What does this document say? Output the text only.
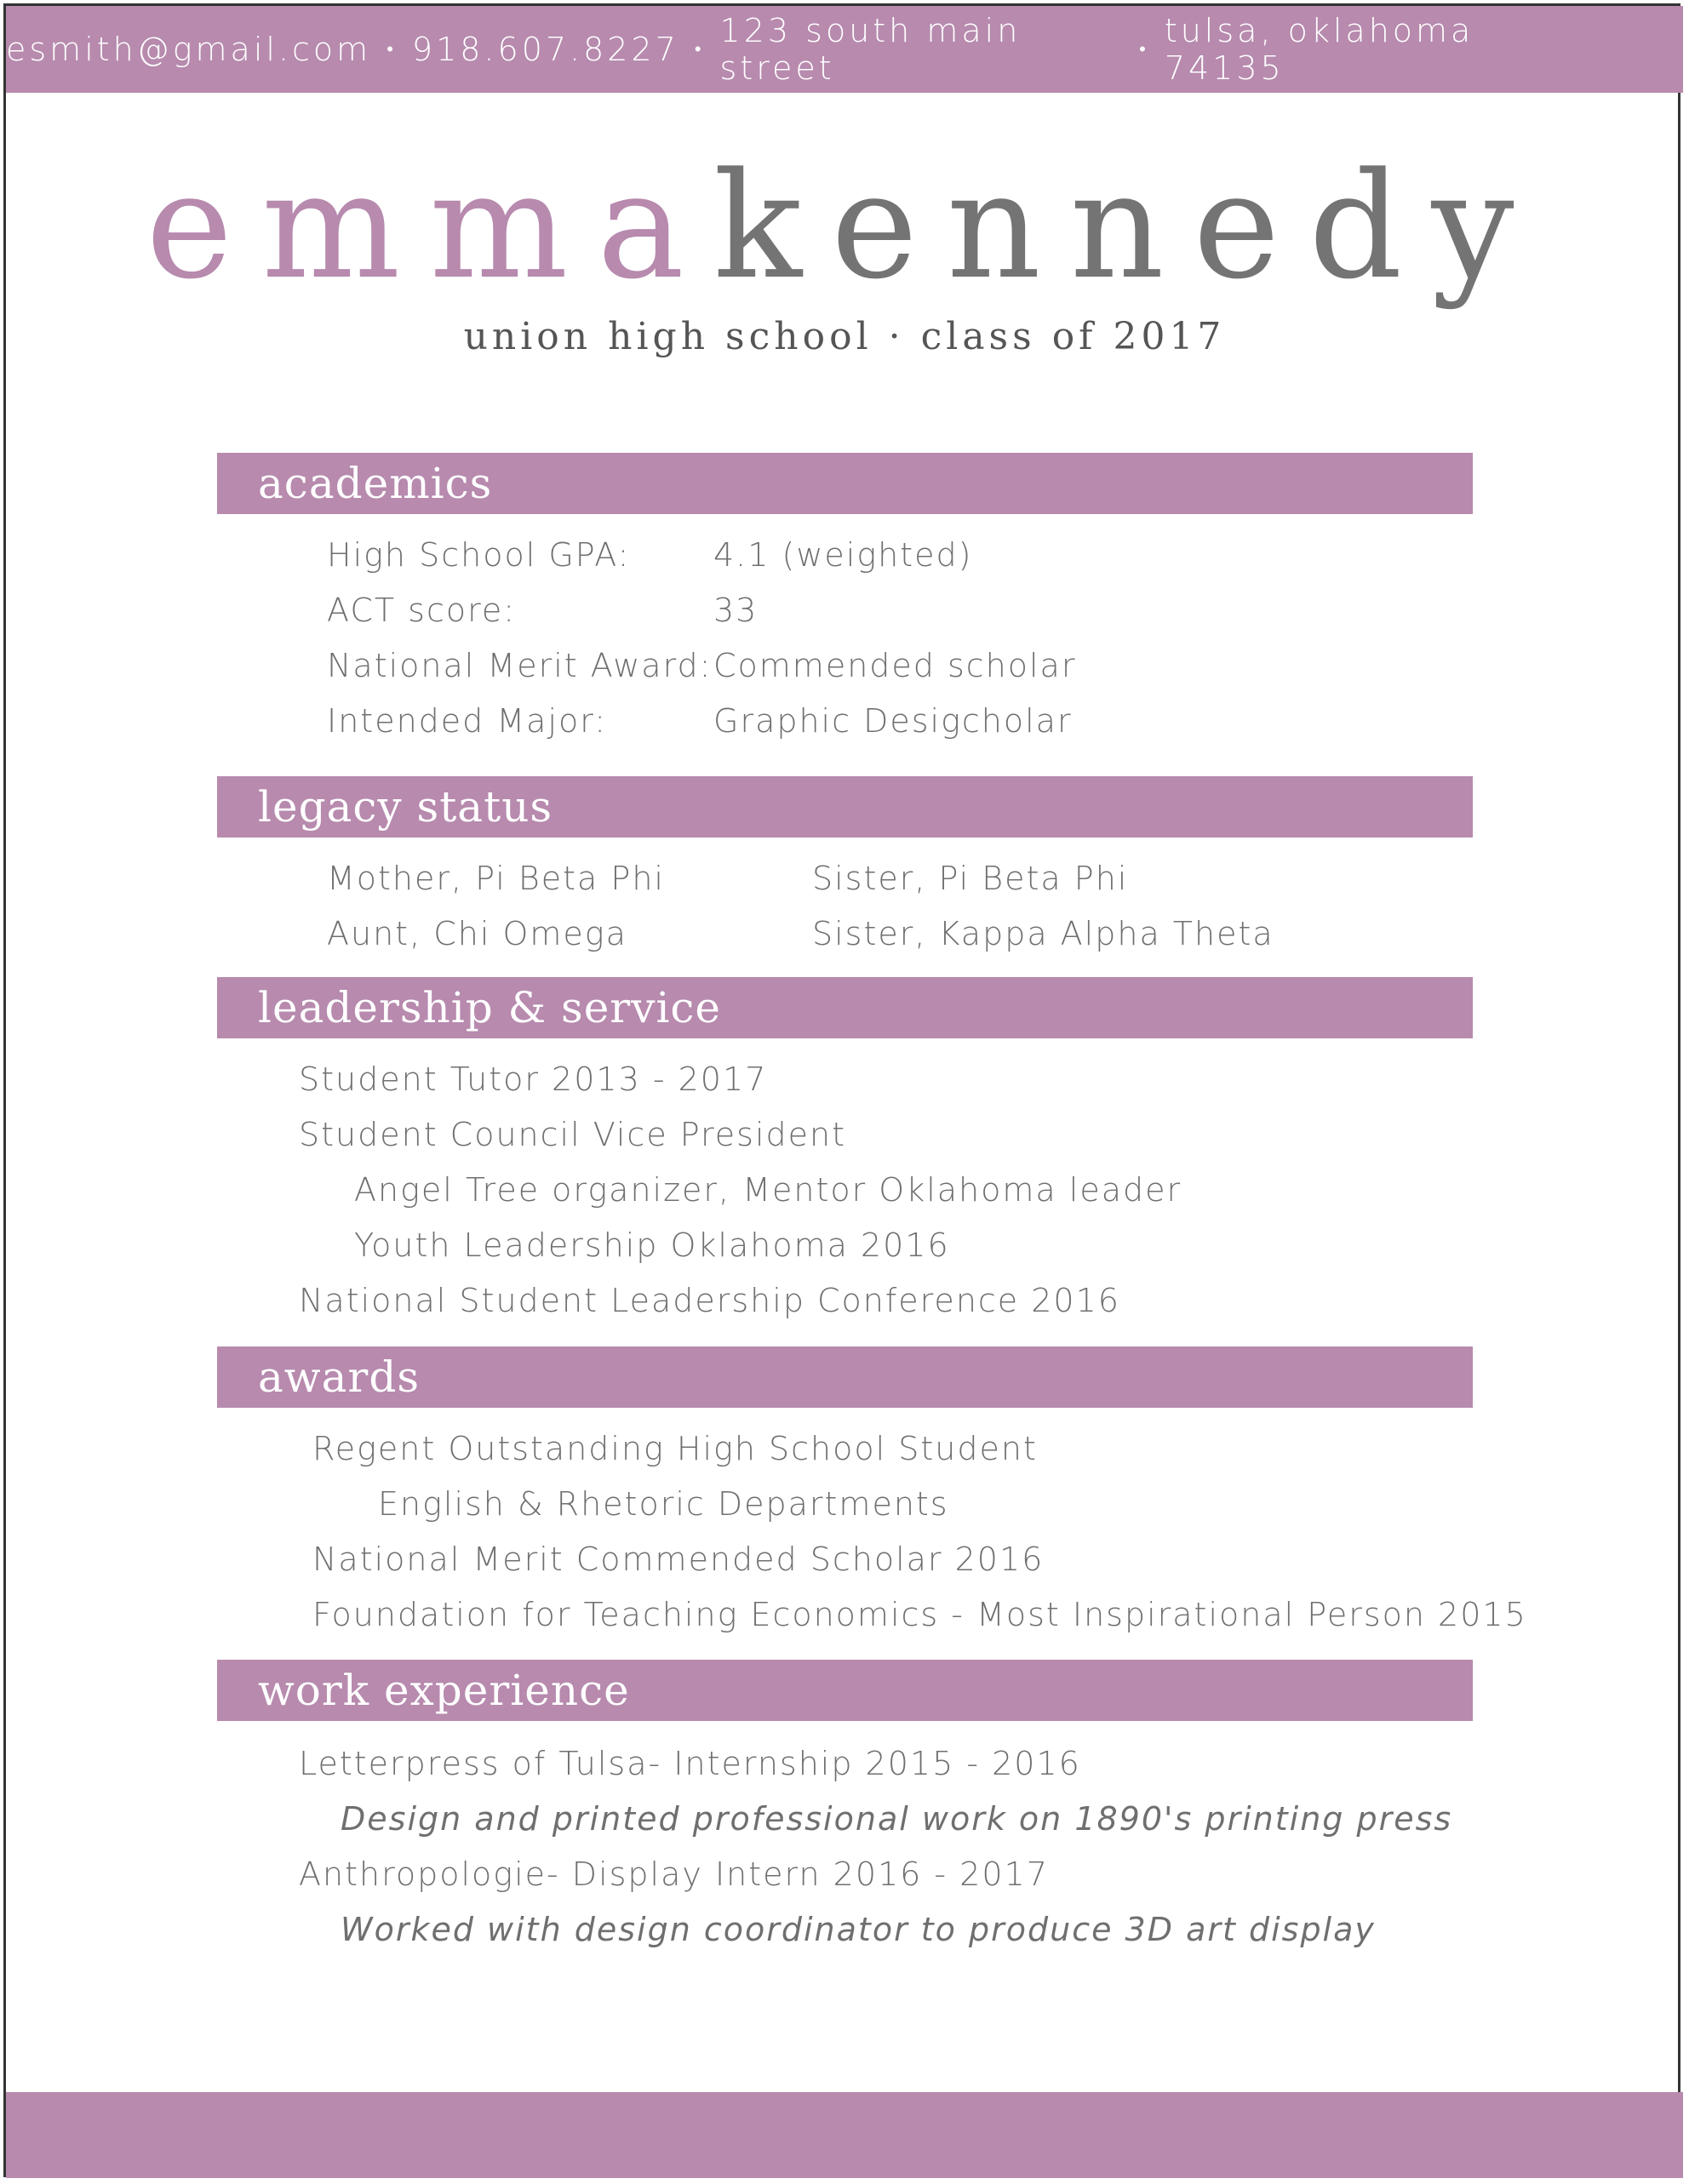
esmith@gmail.com • 918.607.8227 •
123 south main street	•
tulsa, oklahoma 74135
emmakennedy
union high school · class of 2017
academics
High School GPA:	4.1 (weighted)
ACT score:	33
National Merit Award: Commended scholar
Intended Major:	Graphic Desigcholar
legacy status
Mother, Pi Beta Phi	Sister, Pi Beta Phi
Aunt, Chi Omega	Sister, Kappa Alpha Theta
leadership & service
Student Tutor 2013 - 2017
Student Council Vice President
Angel Tree organizer, Mentor Oklahoma leader
Youth Leadership Oklahoma 2016
National Student Leadership Conference 2016
awards
Regent Outstanding High School Student
English & Rhetoric Departments
National Merit Commended Scholar 2016
Foundation for Teaching Economics - Most Inspirational Person 2015
work experience
Letterpress of Tulsa- Internship 2015 - 2016
Design and printed professional work on 1890's printing press
Anthropologie- Display Intern 2016 - 2017
Worked with design coordinator to produce 3D art display
